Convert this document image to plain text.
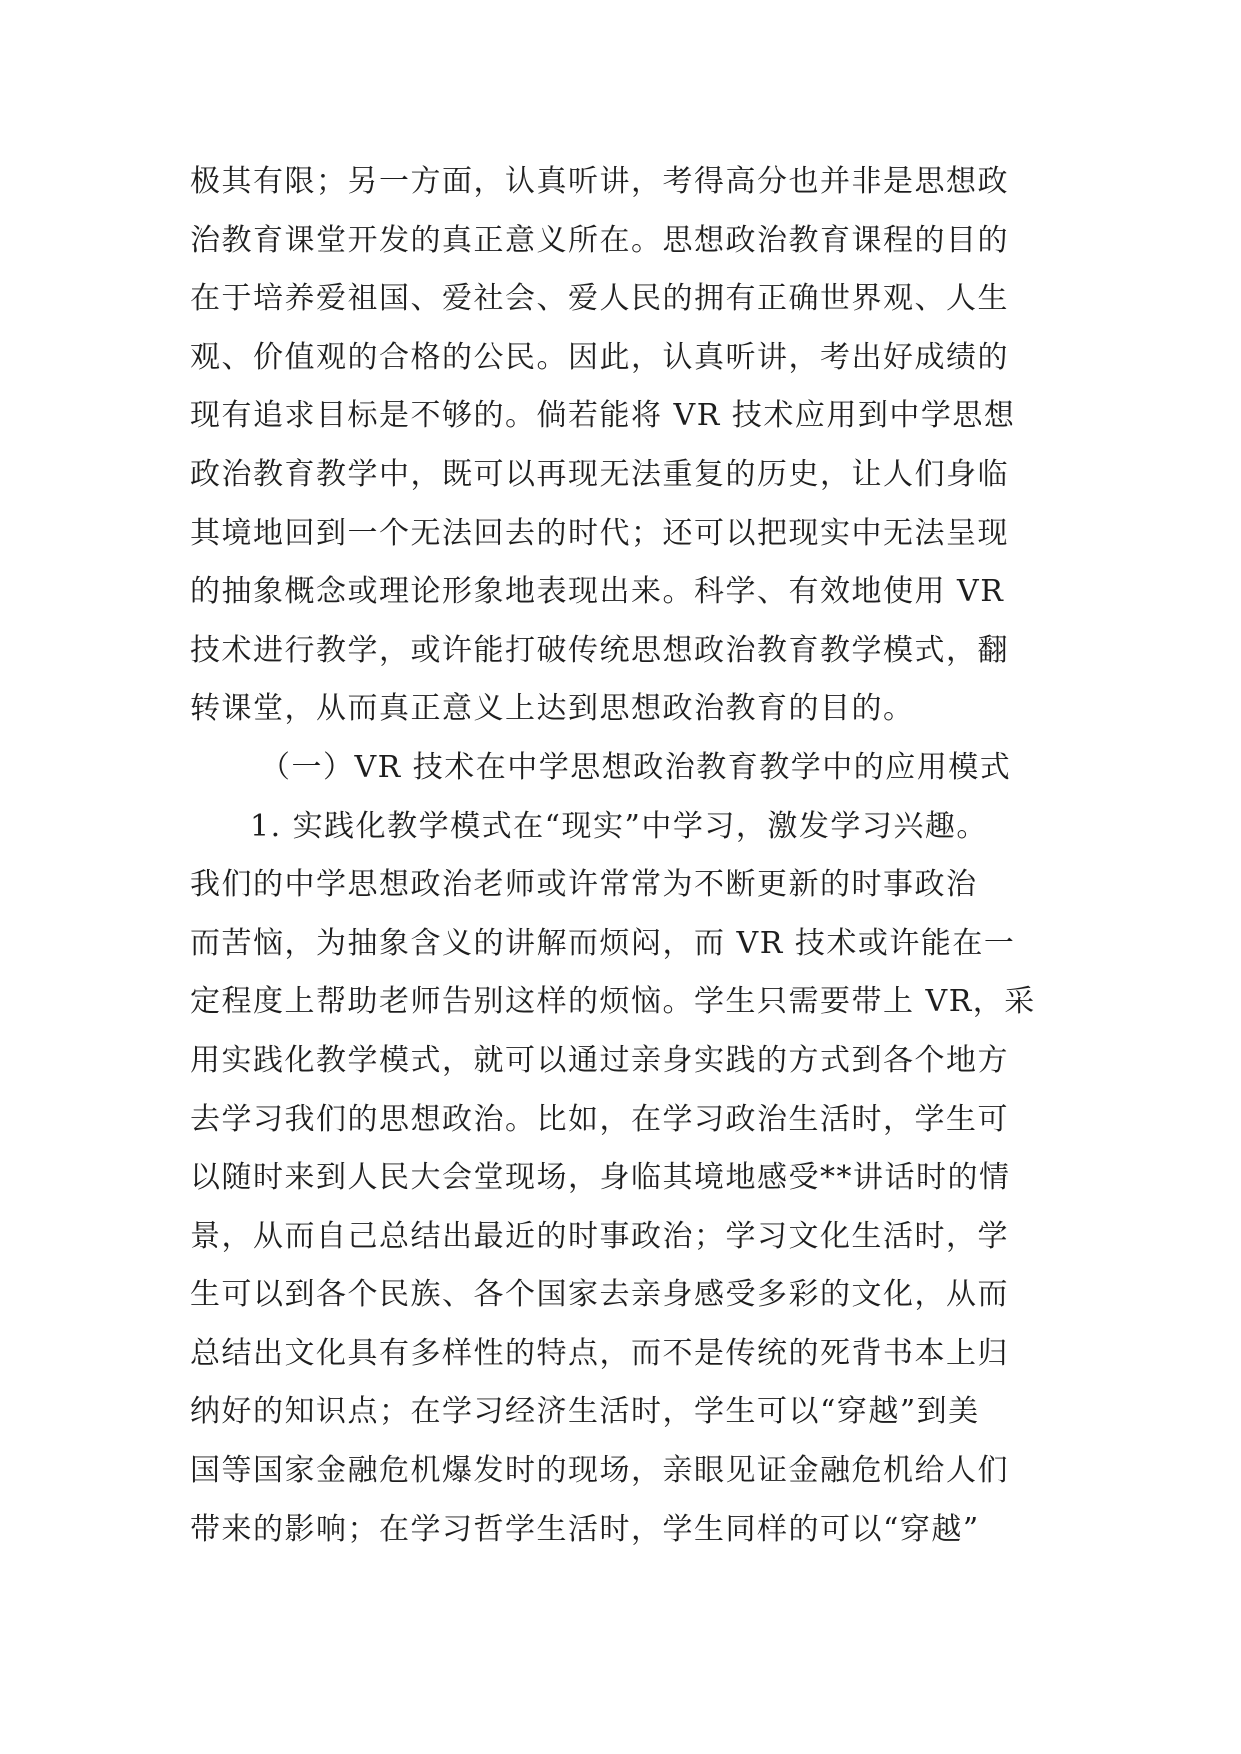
极其有限；另一方面，认真听讲，考得高分也并非是思想政
治教育课堂开发的真正意义所在。思想政治教育课程的目的
在于培养爱祖国、爱社会、爱人民的拥有正确世界观、人生
观、价值观的合格的公民。因此，认真听讲，考出好成绩的
现有追求目标是不够的。倘若能将 VR 技术应用到中学思想
政治教育教学中，既可以再现无法重复的历史，让人们身临
其境地回到一个无法回去的时代；还可以把现实中无法呈现
的抽象概念或理论形象地表现出来。科学、有效地使用 VR
技术进行教学，或许能打破传统思想政治教育教学模式，翻
转课堂，从而真正意义上达到思想政治教育的目的。
（一）VR 技术在中学思想政治教育教学中的应用模式
1. 实践化教学模式在“现实”中学习，激发学习兴趣。
我们的中学思想政治老师或许常常为不断更新的时事政治
而苦恼，为抽象含义的讲解而烦闷，而 VR 技术或许能在一
定程度上帮助老师告别这样的烦恼。学生只需要带上 VR，采
用实践化教学模式，就可以通过亲身实践的方式到各个地方
去学习我们的思想政治。比如，在学习政治生活时，学生可
以随时来到人民大会堂现场，身临其境地感受**讲话时的情
景，从而自己总结出最近的时事政治；学习文化生活时，学
生可以到各个民族、各个国家去亲身感受多彩的文化，从而
总结出文化具有多样性的特点，而不是传统的死背书本上归
纳好的知识点；在学习经济生活时，学生可以“穿越”到美
国等国家金融危机爆发时的现场，亲眼见证金融危机给人们
带来的影响；在学习哲学生活时，学生同样的可以“穿越”
